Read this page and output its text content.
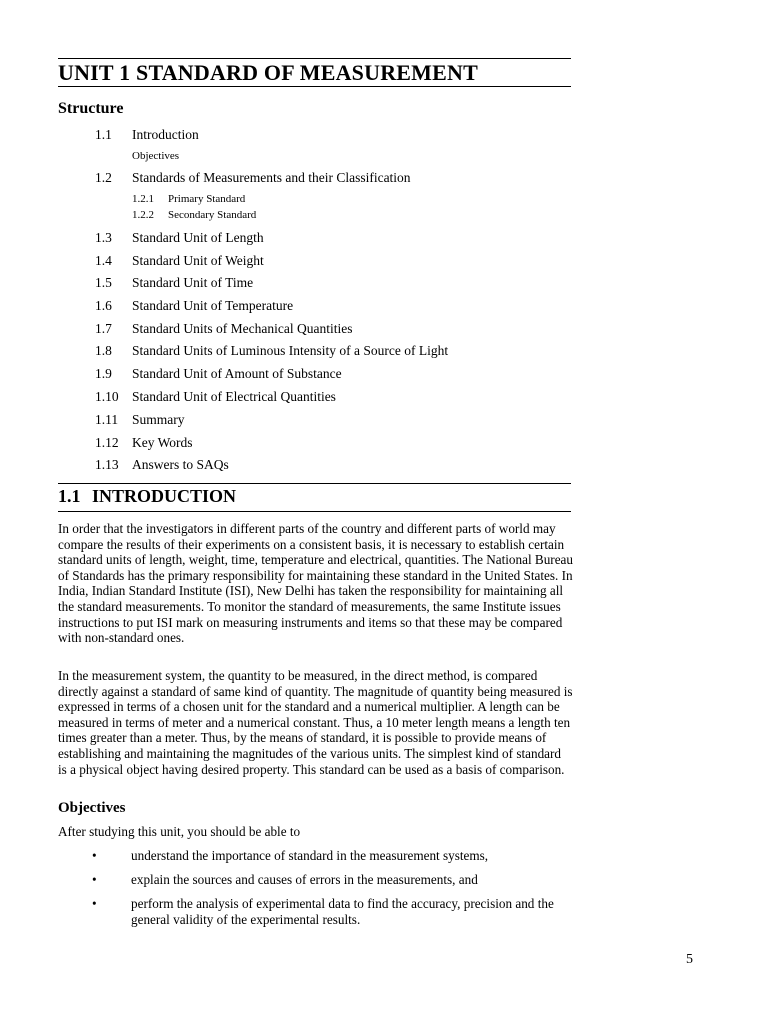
UNIT 1 STANDARD OF MEASUREMENT
Structure
1.1 Introduction
Objectives
1.2 Standards of Measurements and their Classification
1.2.1 Primary Standard
1.2.2 Secondary Standard
1.3 Standard Unit of Length
1.4 Standard Unit of Weight
1.5 Standard Unit of Time
1.6 Standard Unit of Temperature
1.7 Standard Units of Mechanical Quantities
1.8 Standard Units of Luminous Intensity of a Source of Light
1.9 Standard Unit of Amount of Substance
1.10 Standard Unit of Electrical Quantities
1.11 Summary
1.12 Key Words
1.13 Answers to SAQs
1.1 INTRODUCTION

In order that the investigators in different parts of the country and different parts of world may compare the results of their experiments on a consistent basis, it is necessary to establish certain standard units of length, weight, time, temperature and electrical, quantities. The National Bureau of Standards has the primary responsibility for maintaining these standard in the United States. In India, Indian Standard Institute (ISI), New Delhi has taken the responsibility for maintaining all the standard measurements. To monitor the standard of measurements, the same Institute issues instructions to put ISI mark on measuring instruments and items so that these may be compared with non-standard ones.

In the measurement system, the quantity to be measured, in the direct method, is compared directly against a standard of same kind of quantity. The magnitude of quantity being measured is expressed in terms of a chosen unit for the standard and a numerical multiplier. A length can be measured in terms of meter and a numerical constant. Thus, a 10 meter length means a length ten times greater than a meter. Thus, by the means of standard, it is possible to provide means of establishing and maintaining the magnitudes of the various units. The simplest kind of standard is a physical object having desired property. This standard can be used as a basis of comparison.

Objectives

After studying this unit, you should be able to

•	understand the importance of standard in the measurement systems,
•	explain the sources and causes of errors in the measurements, and
•	perform the analysis of experimental data to find the accuracy, precision and the general validity of the experimental results.
5
